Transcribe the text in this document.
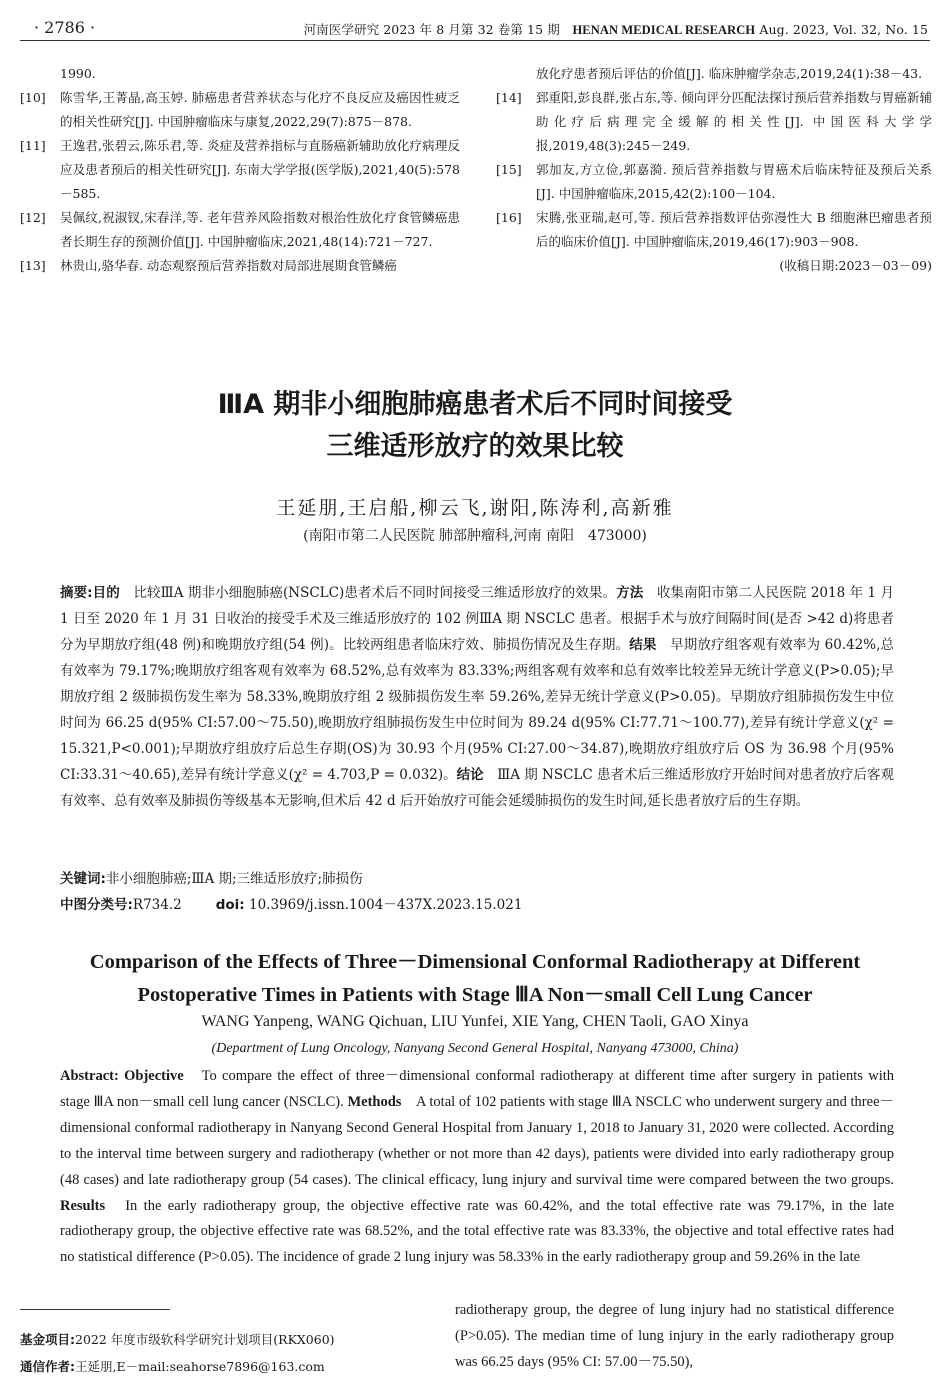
· 2786 ·	河南医学研究 2023 年 8 月第 32 卷第 15 期　 HENAN MEDICAL RESEARCH Aug. 2023, Vol. 32, No. 15
1990.
[10] 陈雪华,王菁晶,高玉婷. 肺癌患者营养状态与化疗不良反应及癌因性疲乏的相关性研究[J]. 中国肿瘤临床与康复,2022,29(7):875－878.
[11] 王逸君,张碧云,陈乐君,等. 炎症及营养指标与直肠癌新辅助放化疗病理反应及患者预后的相关性研究[J]. 东南大学学报(医学版),2021,40(5):578－585.
[12] 吴佩纹,祝淑钗,宋春洋,等. 老年营养风险指数对根治性放化疗食管鳞癌患者长期生存的预测价值[J]. 中国肿瘤临床,2021,48(14):721－727.
[13] 林贵山,骆华春. 动态观察预后营养指数对局部进展期食管鳞癌
放化疗患者预后评估的价值[J]. 临床肿瘤学杂志,2019,24(1):38－43.
[14] 郅重阳,彭良群,张占东,等. 倾向评分匹配法探讨预后营养指数与胃癌新辅助化疗后病理完全缓解的相关性[J]. 中国医科大学学报,2019,48(3):245－249.
[15] 郭加友,方立俭,郭嘉漪. 预后营养指数与胃癌术后临床特征及预后关系[J]. 中国肿瘤临床,2015,42(2):100－104.
[16] 宋腾,张亚瑞,赵可,等. 预后营养指数评估弥漫性大 B 细胞淋巴瘤患者预后的临床价值[J]. 中国肿瘤临床,2019,46(17):903－908.
(收稿日期:2023－03－09)
ⅢA 期非小细胞肺癌患者术后不同时间接受
三维适形放疗的效果比较
王延朋,王启船,柳云飞,谢阳,陈涛利,高新雅
(南阳市第二人民医院 肺部肿瘤科,河南 南阳　473000)
摘要:目的　 比较ⅢA 期非小细胞肺癌(NSCLC)患者术后不同时间接受三维适形放疗的效果。方法　 收集南阳市第二人民医院 2018 年 1 月 1 日至 2020 年 1 月 31 日收治的接受手术及三维适形放疗的 102 例ⅢA 期 NSCLC 患者。根据手术与放疗间隔时间(是否 >42 d)将患者分为早期放疗组(48 例)和晚期放疗组(54 例)。比较两组患者临床疗效、肺损伤情况及生存期。结果　 早期放疗组客观有效率为 60.42%,总有效率为 79.17%;晚期放疗组客观有效率为 68.52%,总有效率为 83.33%;两组客观有效率和总有效率比较差异无统计学意义(P>0.05);早期放疗组 2 级肺损伤发生率为 58.33%,晚期放疗组 2 级肺损伤发生率 59.26%,差异无统计学意义(P>0.05)。早期放疗组肺损伤发生中位时间为 66.25 d(95% CI:57.00～75.50),晚期放疗组肺损伤发生中位时间为 89.24 d(95% CI:77.71～100.77),差异有统计学意义(χ² = 15.321,P<0.001);早期放疗组放疗后总生存期(OS)为 30.93 个月(95% CI:27.00～34.87),晚期放疗组放疗后 OS 为 36.98 个月(95% CI:33.31～40.65),差异有统计学意义(χ² = 4.703,P = 0.032)。结论　 ⅢA 期 NSCLC 患者术后三维适形放疗开始时间对患者放疗后客观有效率、总有效率及肺损伤等级基本无影响,但术后 42 d 后开始放疗可能会延缓肺损伤的发生时间,延长患者放疗后的生存期。
关键词:非小细胞肺癌;ⅢA 期;三维适形放疗;肺损伤
中图分类号:R734.2	doi: 10.3969/j.issn.1004－437X.2023.15.021
Comparison of the Effects of Three－Dimensional Conformal Radiotherapy at Different
Postoperative Times in Patients with Stage ⅢA Non－small Cell Lung Cancer
WANG Yanpeng, WANG Qichuan, LIU Yunfei, XIE Yang, CHEN Taoli, GAO Xinya
(Department of Lung Oncology, Nanyang Second General Hospital, Nanyang 473000, China)
Abstract: Objective　 To compare the effect of three－dimensional conformal radiotherapy at different time after surgery in patients with stage ⅢA non－small cell lung cancer (NSCLC). Methods　 A total of 102 patients with stage ⅢA NSCLC who underwent surgery and three－dimensional conformal radiotherapy in Nanyang Second General Hospital from January 1, 2018 to January 31, 2020 were collected. According to the interval time between surgery and radiotherapy (whether or not more than 42 days), patients were divided into early radiotherapy group (48 cases) and late radiotherapy group (54 cases). The clinical efficacy, lung injury and survival time were compared between the two groups. Results　 In the early radiotherapy group, the objective effective rate was 60.42%, and the total effective rate was 79.17%, in the late radiotherapy group, the objective effective rate was 68.52%, and the total effective rate was 83.33%, the objective and total effective rates had no statistical difference (P>0.05). The incidence of grade 2 lung injury was 58.33% in the early radiotherapy group and 59.26% in the late
radiotherapy group, the degree of lung injury had no statistical difference (P>0.05). The median time of lung injury in the early radiotherapy group was 66.25 days (95% CI: 57.00－75.50),
基金项目:2022 年度市级软科学研究计划项目(RKX060)
通信作者:王延朋,E－mail:seahorse7896@163.com
